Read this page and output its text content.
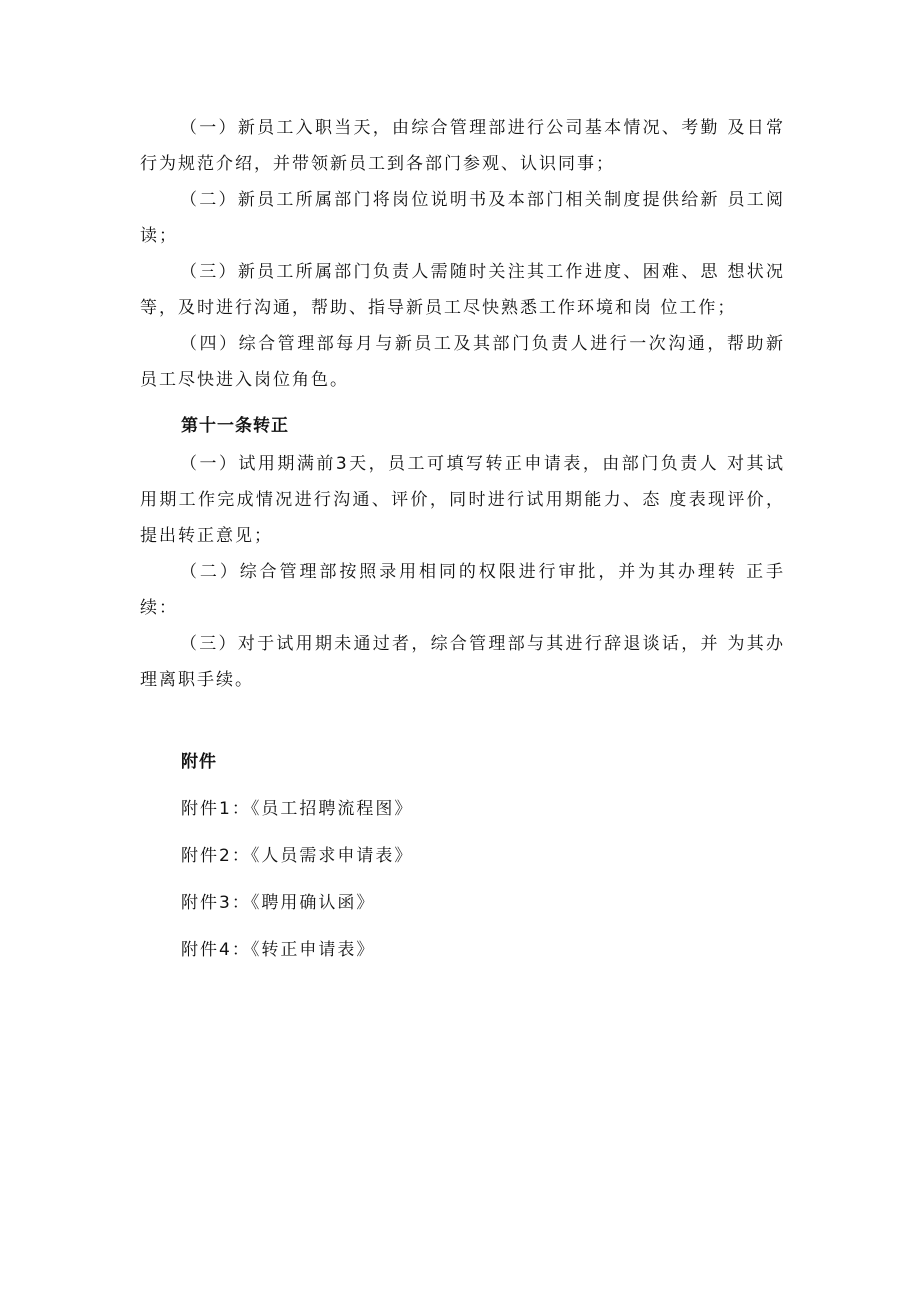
（一）新员工入职当天，由综合管理部进行公司基本情况、考勤 及日常行为规范介绍，并带领新员工到各部门参观、认识同事；

（二）新员工所属部门将岗位说明书及本部门相关制度提供给新 员工阅读；

（三）新员工所属部门负责人需随时关注其工作进度、困难、思 想状况等，及时进行沟通，帮助、指导新员工尽快熟悉工作环境和岗 位工作；

（四）综合管理部每月与新员工及其部门负责人进行一次沟通，帮助新员工尽快进入岗位角色。

第十一条转正

（一）试用期满前3天，员工可填写转正申请表，由部门负责人 对其试用期工作完成情况进行沟通、评价，同时进行试用期能力、态 度表现评价，提出转正意见；

（二）综合管理部按照录用相同的权限进行审批，并为其办理转 正手续：

（三）对于试用期未通过者，综合管理部与其进行辞退谈话，并 为其办理离职手续。

附件

附件1：《员工招聘流程图》

附件2：《人员需求申请表》

附件3：《聘用确认函》

附件4：《转正申请表》
